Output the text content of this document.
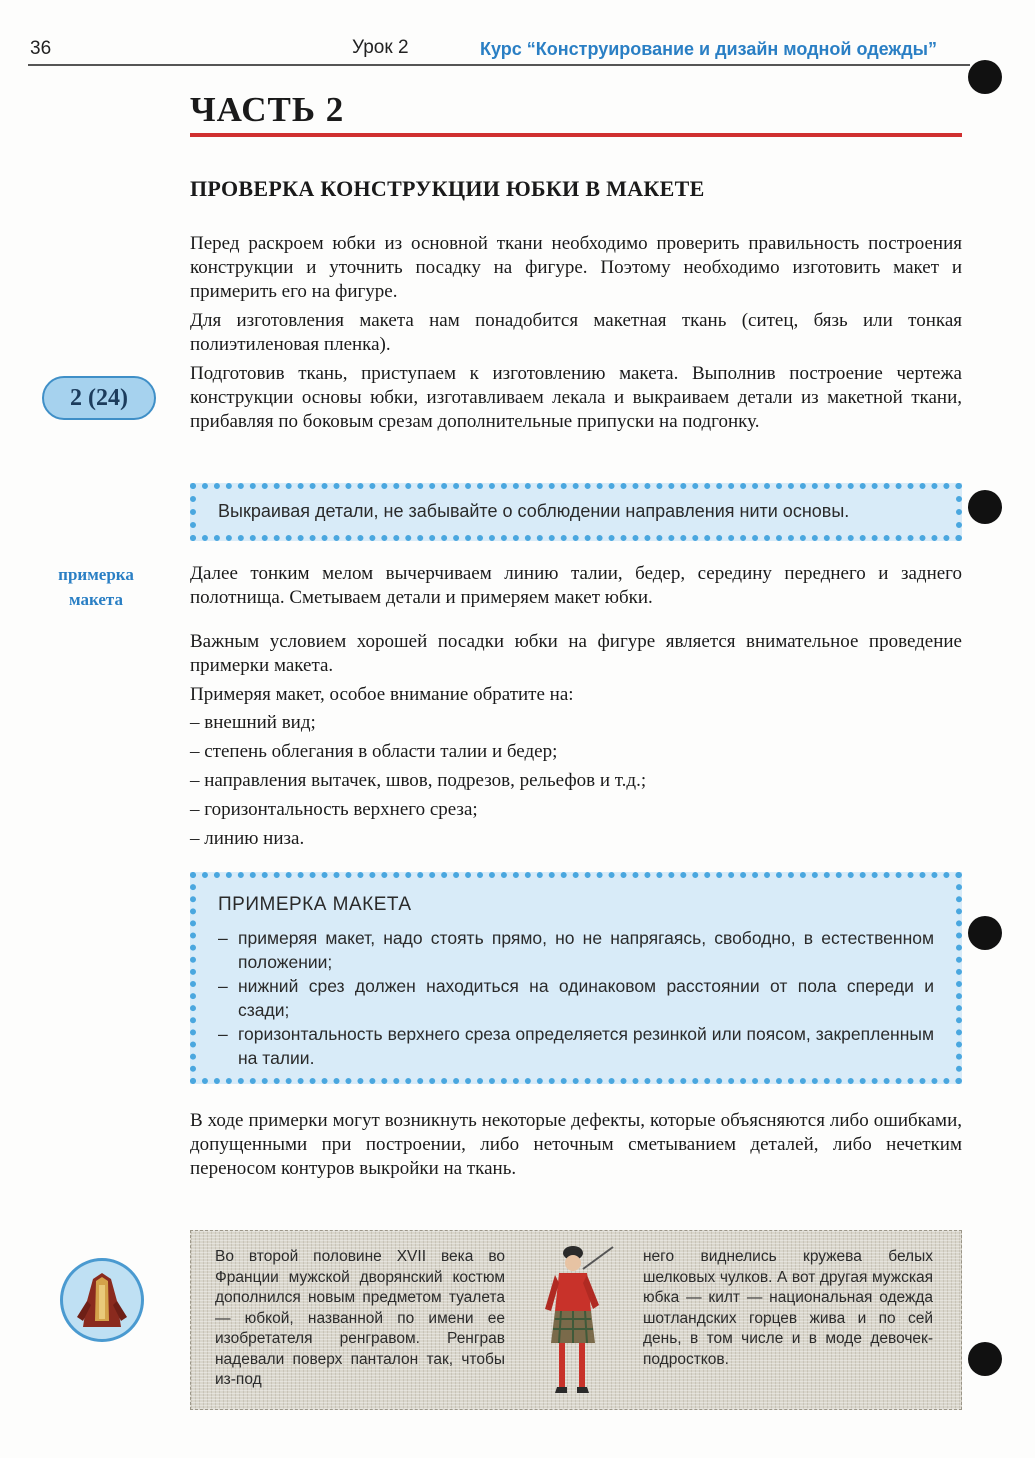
36	Урок 2	Курс “Конструирование и дизайн модной одежды”
ЧАСТЬ 2
ПРОВЕРКА КОНСТРУКЦИИ ЮБКИ В МАКЕТЕ
Перед раскроем юбки из основной ткани необходимо проверить правильность построения конструкции и уточнить посадку на фигуре. Поэтому необходимо изготовить макет и примерить его на фигуре.
Для изготовления макета нам понадобится макетная ткань (ситец, бязь или тонкая полиэтиленовая пленка).
Подготовив ткань, приступаем к изготовлению макета. Выполнив построение чертежа конструкции основы юбки, изготавливаем лекала и выкраиваем детали из макетной ткани, прибавляя по боковым срезам дополнительные припуски на подгонку.
2 (24)
Выкраивая детали, не забывайте о соблюдении направления нити основы.
примерка макета
Далее тонким мелом вычерчиваем линию талии, бедер, середину переднего и заднего полотнища. Сметываем детали и примеряем макет юбки.
Важным условием хорошей посадки юбки на фигуре является внимательное проведение примерки макета.
Примеряя макет, особое внимание обратите на:
– внешний вид;
– степень облегания в области талии и бедер;
– направления вытачек, швов, подрезов, рельефов и т.д.;
– горизонтальность верхнего среза;
– линию низа.
ПРИМЕРКА МАКЕТА
– примеряя макет, надо стоять прямо, но не напрягаясь, свободно, в естественном положении;
– нижний срез должен находиться на одинаковом расстоянии от пола спереди и сзади;
– горизонтальность верхнего среза определяется резинкой или поясом, закрепленным на талии.
В ходе примерки могут возникнуть некоторые дефекты, которые объясняются либо ошибками, допущенными при построении, либо неточным сметыванием деталей, либо нечетким переносом контуров выкройки на ткань.
Во второй половине XVII века во Франции мужской дворянский костюм дополнился новым предметом туалета — юбкой, названной по имени ее изобретателя ренгравом. Ренграв надевали поверх панталон так, чтобы из-под
него виднелись кружева белых шелковых чулков. А вот другая мужская юбка — килт — национальная одежда шотландских горцев жива и по сей день, в том числе и в моде девочек-подростков.
